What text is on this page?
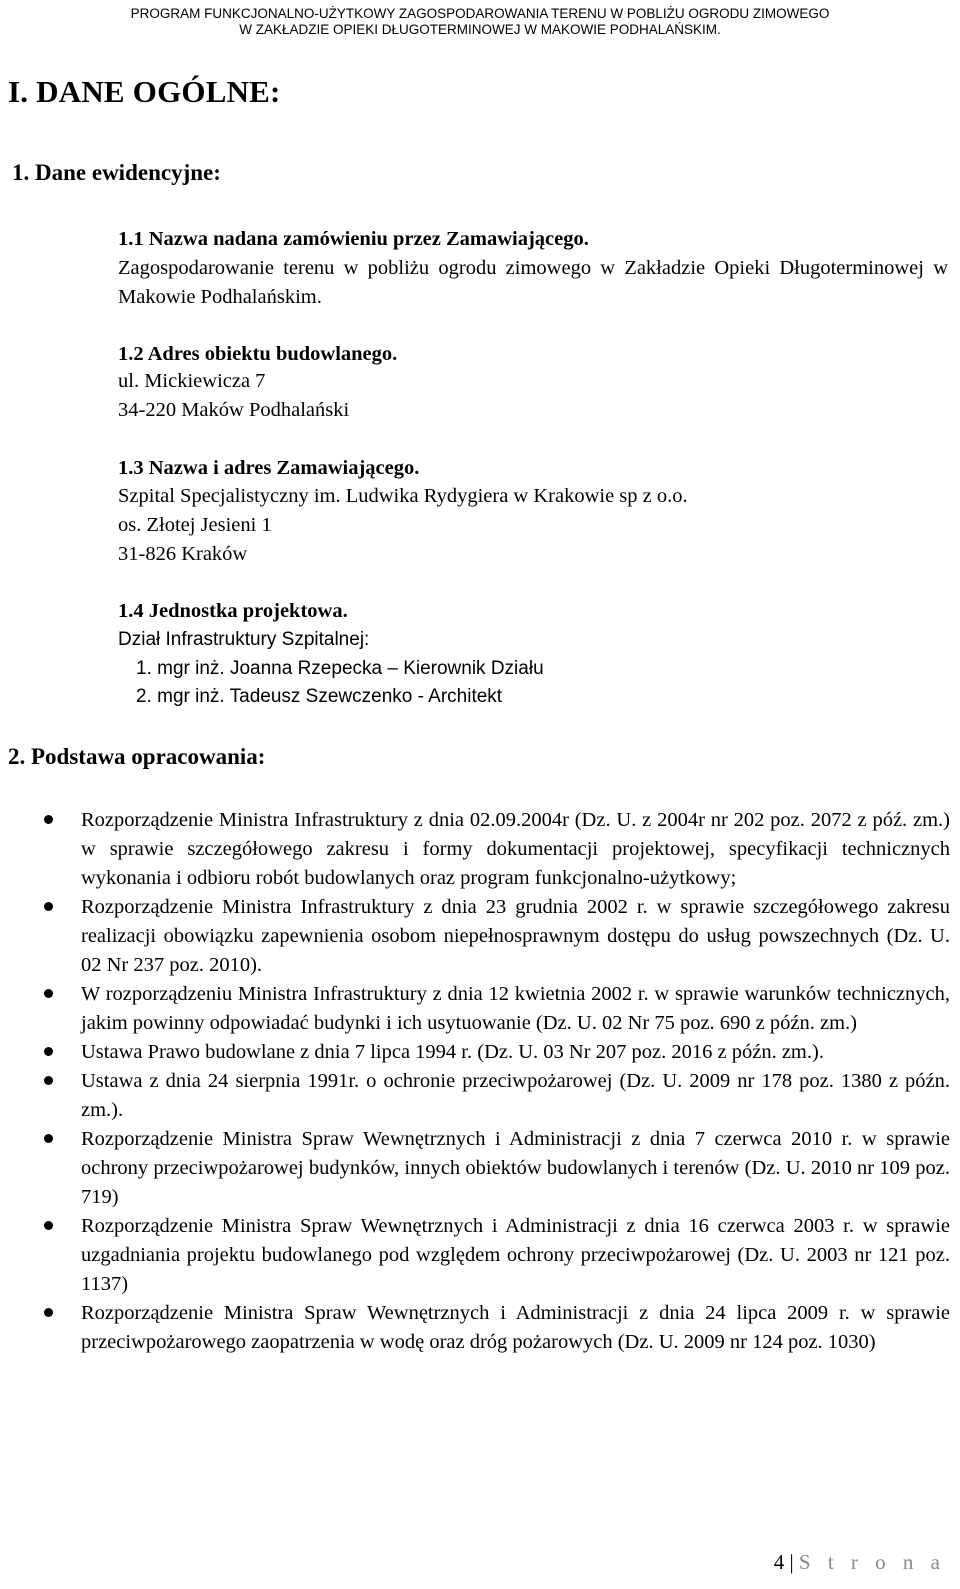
PROGRAM FUNKCJONALNO-UŻYTKOWY ZAGOSPODAROWANIA TERENU W POBLIŻU OGRODU ZIMOWEGO
W ZAKŁADZIE OPIEKI DŁUGOTERMINOWEJ W MAKOWIE PODHALAŃSKIM.
I. DANE OGÓLNE:
1. Dane ewidencyjne:
1.1 Nazwa nadana zamówieniu przez Zamawiającego.
Zagospodarowanie terenu w pobliżu ogrodu zimowego w Zakładzie Opieki Długoterminowej w Makowie Podhalańskim.
1.2 Adres obiektu budowlanego.
ul. Mickiewicza 7
34-220 Maków Podhalański
1.3 Nazwa i adres Zamawiającego.
Szpital Specjalistyczny im. Ludwika Rydygiera w Krakowie sp z o.o.
os. Złotej Jesieni 1
31-826 Kraków
1.4 Jednostka projektowa.
Dział Infrastruktury Szpitalnej:
1. mgr inż. Joanna Rzepecka – Kierownik Działu
2. mgr inż. Tadeusz Szewczenko - Architekt
2. Podstawa opracowania:
Rozporządzenie Ministra Infrastruktury z dnia 02.09.2004r (Dz. U. z 2004r nr 202 poz. 2072 z póź. zm.) w sprawie szczegółowego zakresu i formy dokumentacji projektowej, specyfikacji technicznych wykonania i odbioru robót budowlanych oraz program funkcjonalno-użytkowy;
Rozporządzenie Ministra Infrastruktury z dnia 23 grudnia 2002 r. w sprawie szczegółowego zakresu realizacji obowiązku zapewnienia osobom niepełnosprawnym dostępu do usług powszechnych (Dz. U. 02 Nr 237 poz. 2010).
W rozporządzeniu Ministra Infrastruktury z dnia 12 kwietnia 2002 r. w sprawie warunków technicznych, jakim powinny odpowiadać budynki i ich usytuowanie (Dz. U. 02 Nr 75 poz. 690 z późn. zm.)
Ustawa Prawo budowlane z dnia 7 lipca 1994 r. (Dz. U. 03 Nr 207 poz. 2016 z późn. zm.).
Ustawa z dnia 24 sierpnia 1991r. o ochronie przeciwpożarowej (Dz. U. 2009 nr 178 poz. 1380 z późn. zm.).
Rozporządzenie Ministra Spraw Wewnętrznych i Administracji z dnia 7 czerwca 2010 r. w sprawie ochrony przeciwpożarowej budynków, innych obiektów budowlanych i terenów (Dz. U. 2010 nr 109 poz. 719)
Rozporządzenie Ministra Spraw Wewnętrznych i Administracji z dnia 16 czerwca 2003 r. w sprawie uzgadniania projektu budowlanego pod względem ochrony przeciwpożarowej (Dz. U. 2003 nr 121 poz. 1137)
Rozporządzenie Ministra Spraw Wewnętrznych i Administracji z dnia 24 lipca 2009 r. w sprawie przeciwpożarowego zaopatrzenia w wodę oraz dróg pożarowych (Dz. U. 2009 nr 124 poz. 1030)
4 | S t r o n a
